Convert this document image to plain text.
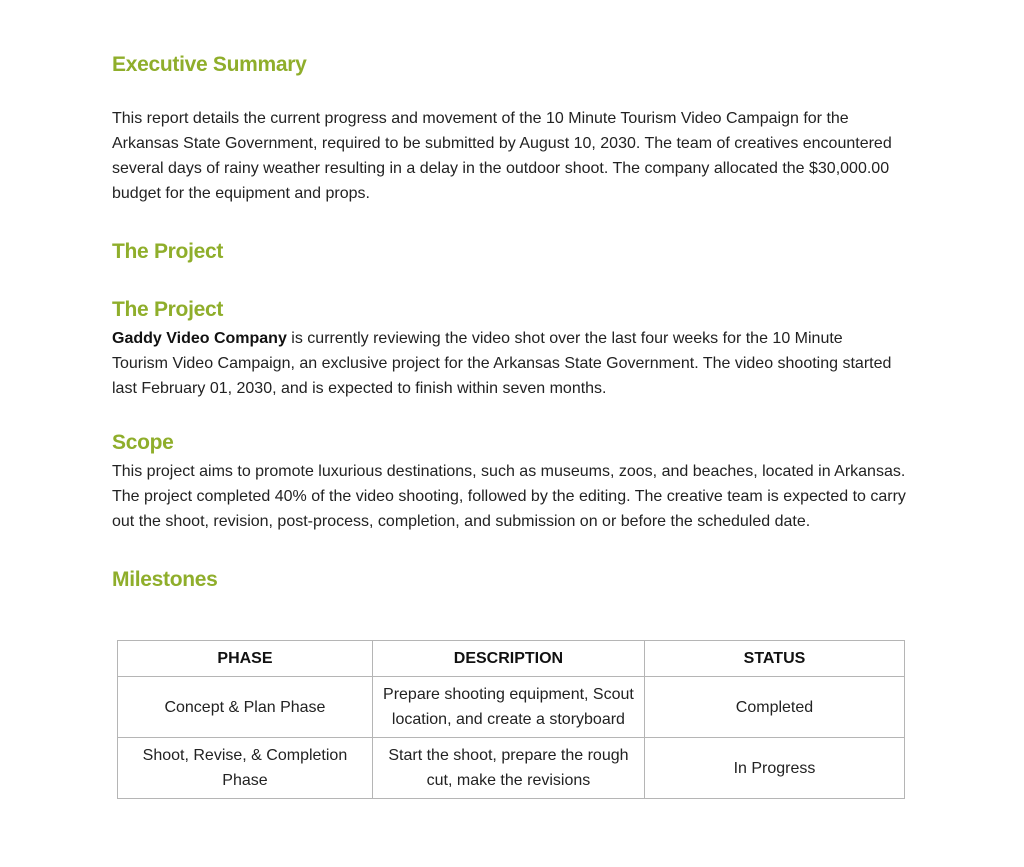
Executive Summary

This report details the current progress and movement of the 10 Minute Tourism Video Campaign for the Arkansas State Government, required to be submitted by August 10, 2030. The team of creatives encountered several days of rainy weather resulting in a delay in the outdoor shoot. The company allocated the $30,000.00 budget for the equipment and props.

The Project
The Project

Gaddy Video Company is currently reviewing the video shot over the last four weeks for the 10 Minute Tourism Video Campaign, an exclusive project for the Arkansas State Government. The video shooting started last February 01, 2030, and is expected to finish within seven months.

Scope

This project aims to promote luxurious destinations, such as museums, zoos, and beaches, located in Arkansas. The project completed 40% of the video shooting, followed by the editing. The creative team is expected to carry out the shoot, revision, post-process, completion, and submission on or before the scheduled date.

Milestones
PHASE	DESCRIPTION	STATUS
Concept & Plan Phase	Prepare shooting equipment, Scout location, and create a storyboard	Completed
Shoot, Revise, & Completion Phase	Start the shoot, prepare the rough cut, make the revisions	In Progress
